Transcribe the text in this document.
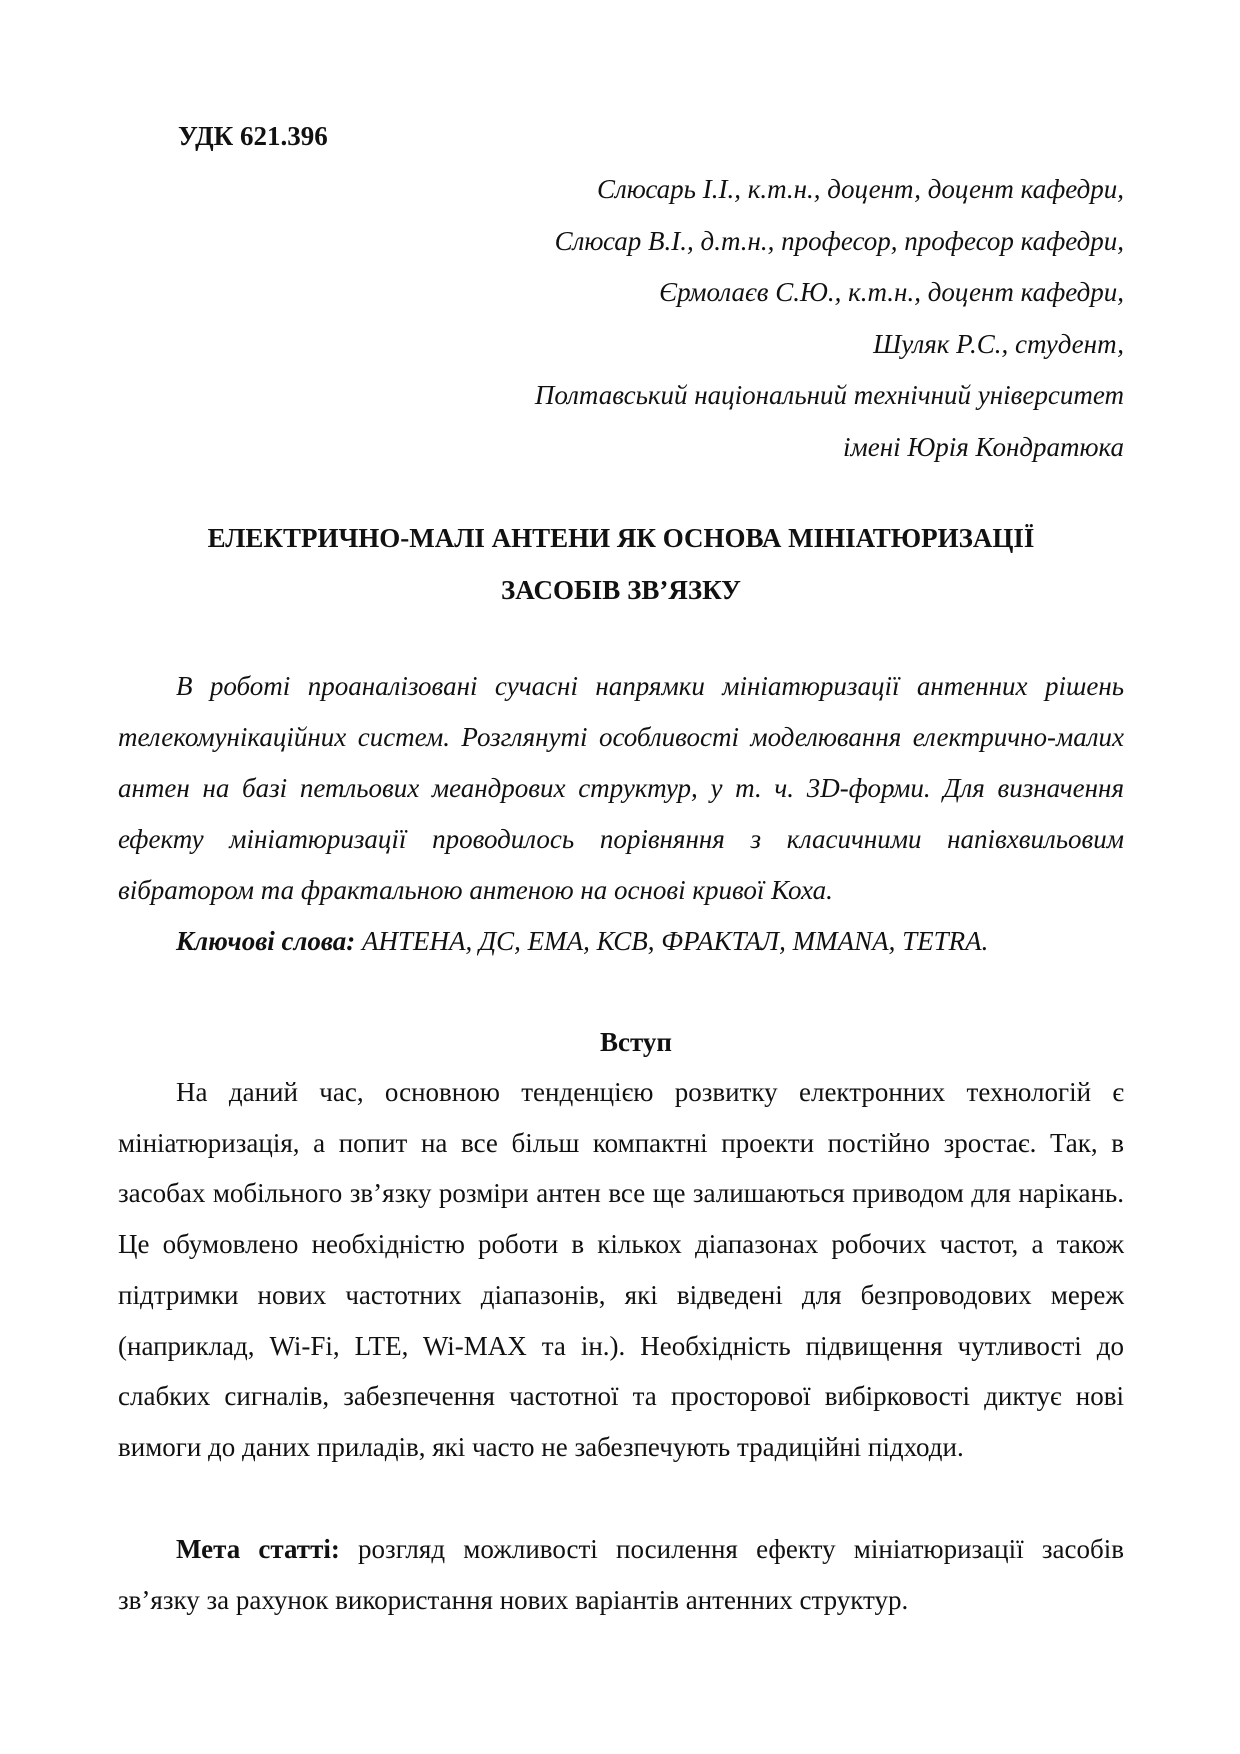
УДК 621.396
Слюсарь І.І., к.т.н., доцент, доцент кафедри,
Слюсар В.І., д.т.н., професор, професор кафедри,
Єрмолаєв С.Ю., к.т.н., доцент кафедри,
Шуляк Р.С., студент,
Полтавський національний технічний університет
імені Юрія Кондратюка
ЕЛЕКТРИЧНО-МАЛІ АНТЕНИ ЯК ОСНОВА МІНІАТЮРИЗАЦІЇ
ЗАСОБІВ ЗВ’ЯЗКУ

В роботі проаналізовані сучасні напрямки мініатюризації антенних рішень телекомунікаційних систем. Розглянуті особливості моделювання електрично-малих антен на базі петльових меандрових структур, у т. ч. 3D-форми. Для визначення ефекту мініатюризації проводилось порівняння з класичними напівхвильовим вібратором та фрактальною антеною на основі кривої Коха.

Ключові слова: АНТЕНА, ДС, ЕМА, КСВ, ФРАКТАЛ, MMANA, TETRA.

Вступ

На даний час, основною тенденцією розвитку електронних технологій є мініатюризація, а попит на все більш компактні проекти постійно зростає. Так, в засобах мобільного зв’язку розміри антен все ще залишаються приводом для нарікань. Це обумовлено необхідністю роботи в кількох діапазонах робочих частот, а також підтримки нових частотних діапазонів, які відведені для безпроводових мереж (наприклад, Wi-Fi, LTE, Wi-MAX та ін.). Необхідність підвищення чутливості до слабких сигналів, забезпечення частотної та просторової вибірковості диктує нові вимоги до даних приладів, які часто не забезпечують традиційні підходи.

Мета статті: розгляд можливості посилення ефекту мініатюризації засобів зв’язку за рахунок використання нових варіантів антенних структур.
